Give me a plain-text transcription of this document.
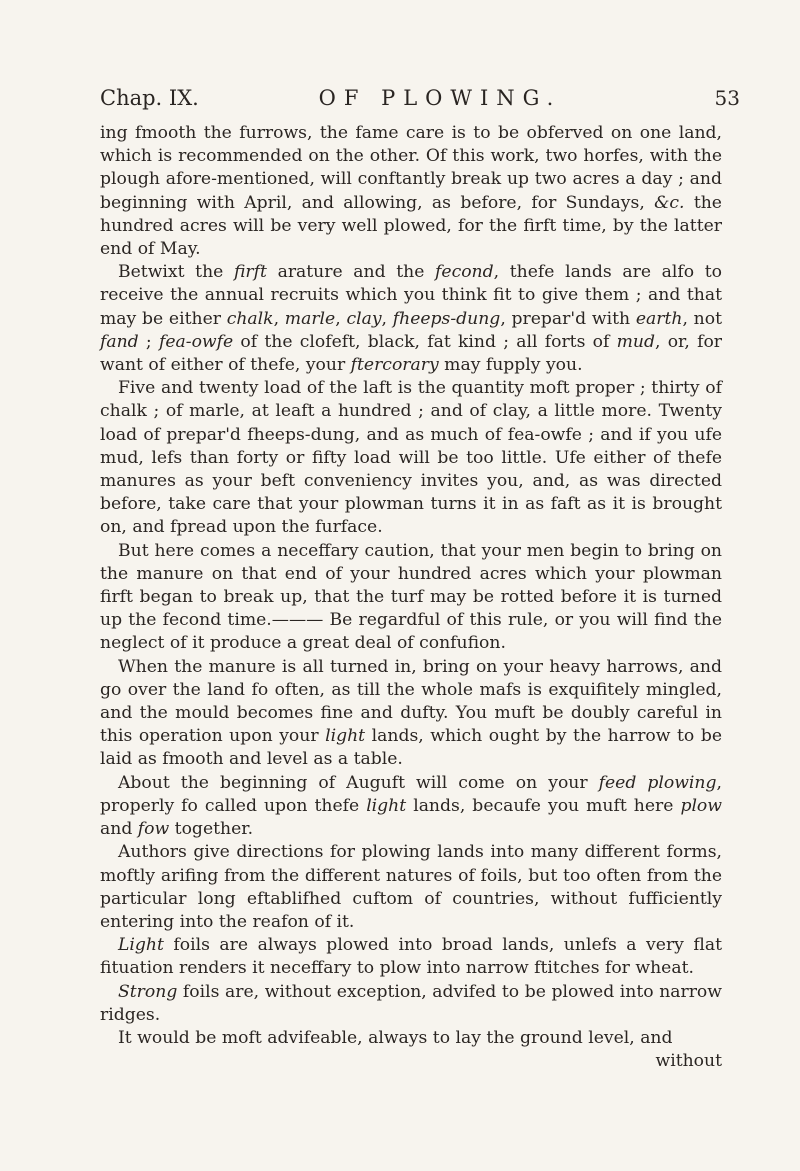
Chap. IX.	OF PLOWING.	53

ing fmooth the furrows, the fame care is to be obferved on one land, which is recommended on the other. Of this work, two horfes, with the plough afore-mentioned, will conftantly break up two acres a day ; and beginning with April, and allowing, as before, for Sundays, &c. the hundred acres will be very well plowed, for the firft time, by the latter end of May.

Betwixt the firft arature and the fecond, thefe lands are alfo to receive the annual recruits which you think fit to give them ; and that may be either chalk, marle, clay, fheeps-dung, prepar'd with earth, not fand ; fea-owfe of the clofeft, black, fat kind ; all forts of mud, or, for want of either of thefe, your ftercorary may fupply you.

Five and twenty load of the laft is the quantity moft proper ; thirty of chalk ; of marle, at leaft a hundred ; and of clay, a little more. Twenty load of prepar'd fheeps-dung, and as much of fea-owfe ; and if you ufe mud, lefs than forty or fifty load will be too little. Ufe either of thefe manures as your beft conveniency invites you, and, as was directed before, take care that your plowman turns it in as faft as it is brought on, and fpread upon the furface.

But here comes a neceffary caution, that your men begin to bring on the manure on that end of your hundred acres which your plowman firft began to break up, that the turf may be rotted before it is turned up the fecond time.——— Be regardful of this rule, or you will find the neglect of it produce a great deal of confufion.

When the manure is all turned in, bring on your heavy harrows, and go over the land fo often, as till the whole mafs is exquifitely mingled, and the mould becomes fine and dufty. You muft be doubly careful in this operation upon your light lands, which ought by the harrow to be laid as fmooth and level as a table.

About the beginning of Auguft will come on your feed plowing, properly fo called upon thefe light lands, becaufe you muft here plow and fow together.

Authors give directions for plowing lands into many different forms, moftly arifing from the different natures of foils, but too often from the particular long eftablifhed cuftom of countries, without fufficiently entering into the reafon of it.

Light foils are always plowed into broad lands, unlefs a very flat fituation renders it neceffary to plow into narrow ftitches for wheat.

Strong foils are, without exception, advifed to be plowed into narrow ridges.

It would be moft advifeable, always to lay the ground level, and

without
